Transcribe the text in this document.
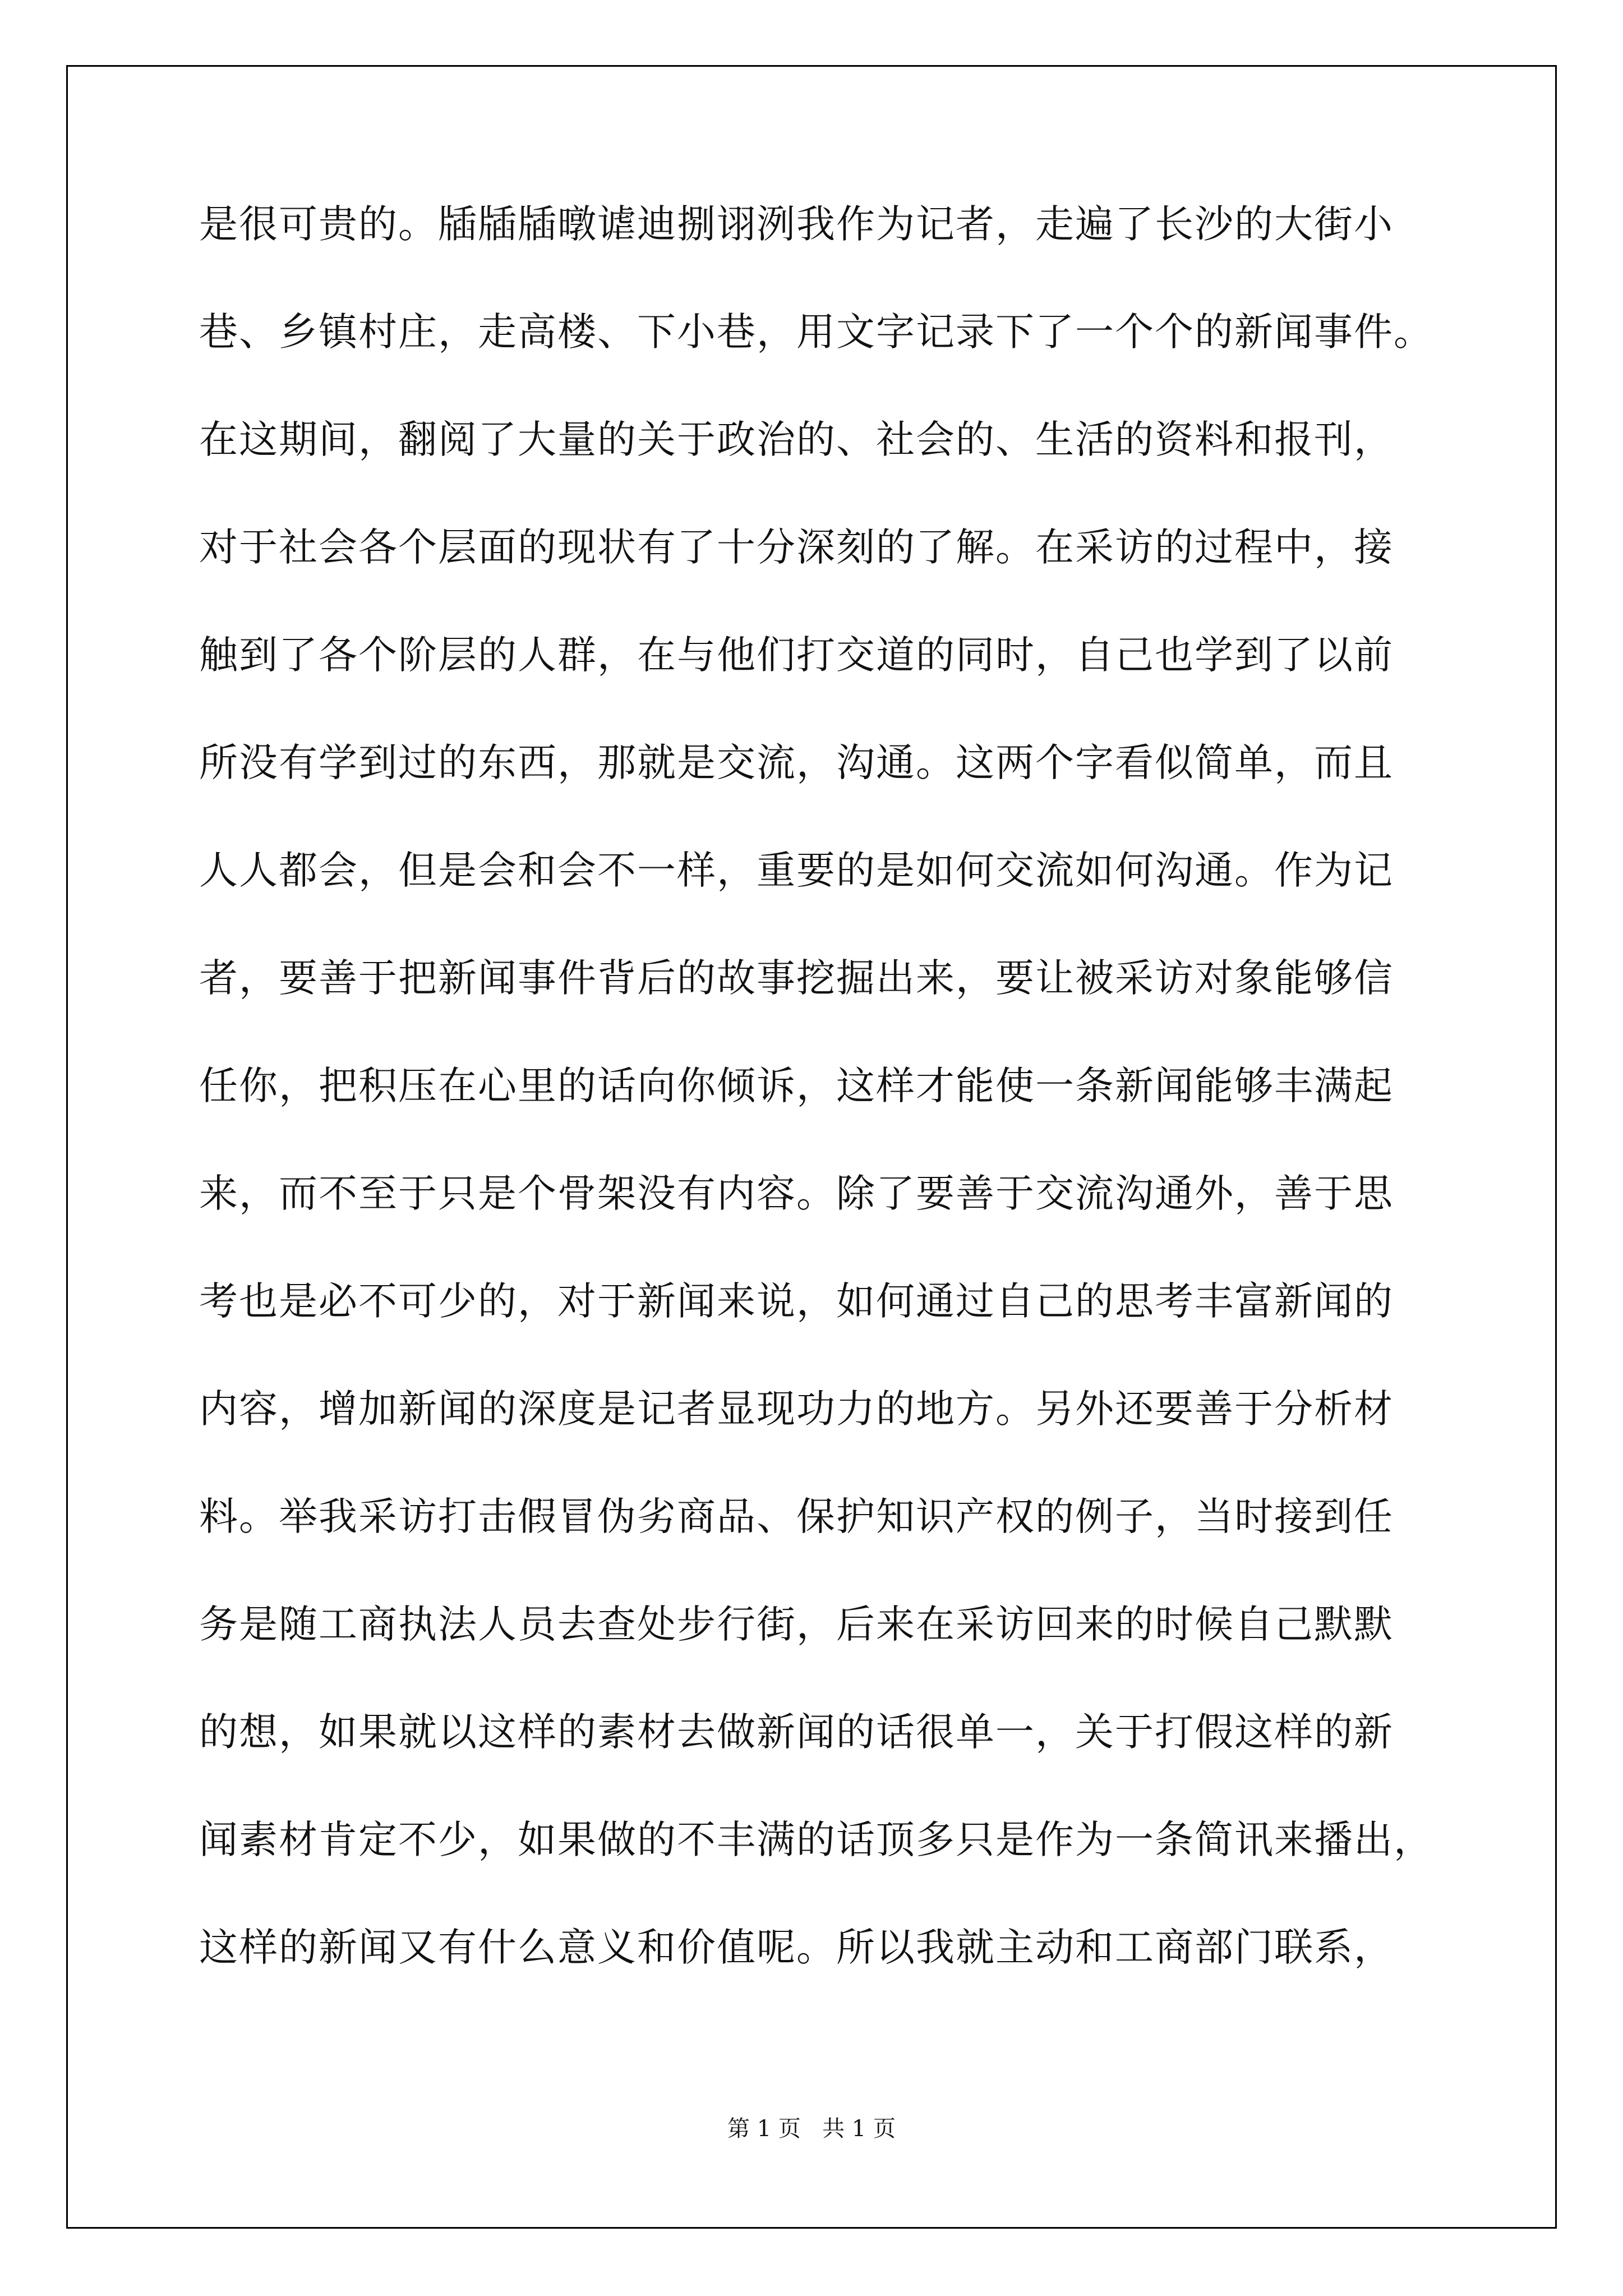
是很可贵的。牐牐牐暾谑迪捌诩洌我作为记者，走遍了长沙的大街小
巷、乡镇村庄，走高楼、下小巷，用文字记录下了一个个的新闻事件。
在这期间，翻阅了大量的关于政治的、社会的、生活的资料和报刊，
对于社会各个层面的现状有了十分深刻的了解。在采访的过程中，接
触到了各个阶层的人群，在与他们打交道的同时，自己也学到了以前
所没有学到过的东西，那就是交流，沟通。这两个字看似简单，而且
人人都会，但是会和会不一样，重要的是如何交流如何沟通。作为记
者，要善于把新闻事件背后的故事挖掘出来，要让被采访对象能够信
任你，把积压在心里的话向你倾诉，这样才能使一条新闻能够丰满起
来，而不至于只是个骨架没有内容。除了要善于交流沟通外，善于思
考也是必不可少的，对于新闻来说，如何通过自己的思考丰富新闻的
内容，增加新闻的深度是记者显现功力的地方。另外还要善于分析材
料。举我采访打击假冒伪劣商品、保护知识产权的例子，当时接到任
务是随工商执法人员去查处步行街，后来在采访回来的时候自己默默
的想，如果就以这样的素材去做新闻的话很单一，关于打假这样的新
闻素材肯定不少，如果做的不丰满的话顶多只是作为一条简讯来播出，
这样的新闻又有什么意义和价值呢。所以我就主动和工商部门联系，
第 1 页   共 1 页
